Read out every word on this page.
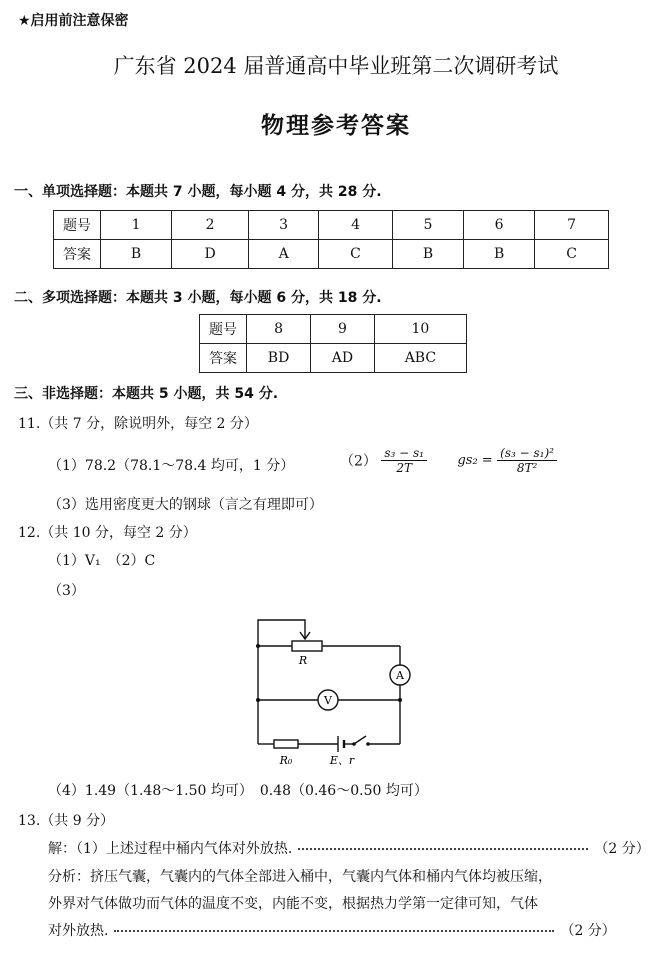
★启用前注意保密
广东省 2024 届普通高中毕业班第二次调研考试
物理参考答案
一、单项选择题：本题共 7 小题，每小题 4 分，共 28 分.
题号	1	2	3	4	5	6	7
答案	B	D	A	C	B	B	C
二、多项选择题：本题共 3 小题，每小题 6 分，共 18 分.
题号	8	9	10
答案	BD	AD	ABC
三、非选择题：本题共 5 小题，共 54 分.
11.（共 7 分，除说明外，每空 2 分）
（1）78.2（78.1～78.4 均可，1 分）	$(2) \frac{\text{s₃ − s₁}}{2T} gs_2 = \frac{\text{(s₃ − s₁)²}}{\text{8T²}}$
（3）选用密度更大的钢球（言之有理即可）
12.（共 10 分，每空 2 分）
（1）V₁　（2）C
（3）
R
A
V
R₀	E、r
（4）1.49（1.48～1.50 均可）　0.48（0.46～0.50 均可）
13.（共 9 分）
解：（1）上述过程中桶内气体对外放热.	（2 分）
分析：挤压气囊，气囊内的气体全部进入桶中，气囊内气体和桶内气体均被压缩，
外界对气体做功而气体的温度不变，内能不变，根据热力学第一定律可知，气体
对外放热.	（2 分）
